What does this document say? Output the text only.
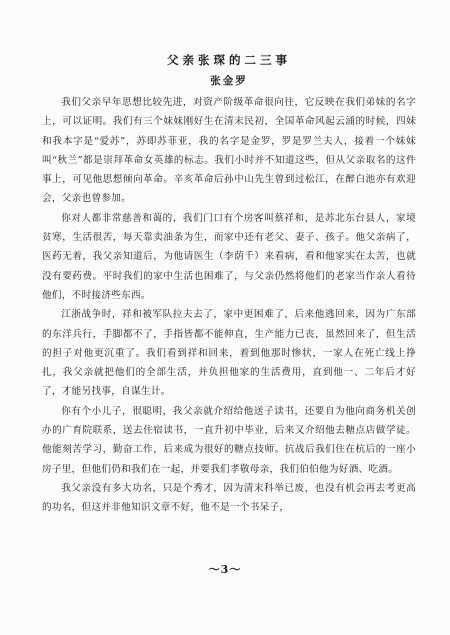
父亲张琛的二三事
张金罗

我们父亲早年思想比较先进，对资产阶级革命很向往，它反映在我们弟妹的名字上，可以证明。我们有三个妹妹刚好生在清末民初，全国革命风起云涌的时候，四妹和我本字是“爱苏”，苏即苏菲亚，我的名字是金罗，罗是罗兰夫人，接着一个妹妹叫“秋兰”都是崇拜革命女英雄的标志。我们小时并不知道这些，但从父亲取名的这件事上，可见他思想倾向革命。辛亥革命后孙中山先生曾到过松江，在醉白池亦有欢迎会，父亲也曾参加。

你对人都非常慈善和蔼的，我们门口有个房客叫蔡祥和，是苏北东台县人，家境贫寒，生活很苦，每天靠卖油条为生，而家中还有老父、妻子、孩子。他父亲病了，医药无着，我父亲知道后，为他请医生（李荫千）来看病，看和他家实在太苦，也就没有要药费。平时我们的家中生活也困难了，与父亲仍然将他们的老家当作亲人看待他们，不时接济些东西。

江浙战争时，祥和被军队拉夫去了，家中更困难了，后来他逃回来，因为广东部的东洋兵行，手脚都不了，手指皆都不能伸直，生产能力已丧，虽然回来了，但生活的担子对他更沉重了。我们看到祥和回来，着到他那时惨状，一家人在死亡线上挣扎，我父亲就把他们的全部生活，并负担他家的生活费用，直到他一、二年后才好了，才能另找事，自谋生计。

你有个小儿子，很聪明，我父亲就介绍给他送子读书，还要自为他向商务机关创办的广育院联系，送去住宿读书，一直升初中毕业，后来又介绍他去糖点店做学徒。他能刻苦学习，勤奋工作，后来成为很好的糖点技师。抗战后我们住在杭后的一座小房子里，但他们仍和我们在一起，并要我们孝敬母亲，我们伯伯他为好酒、吃酒。

我父亲没有多大功名，只是个秀才，因为清末科举已废，也没有机会再去考更高的功名，但这并非他知识文章不好，他不是一个书呆子，

～3～
